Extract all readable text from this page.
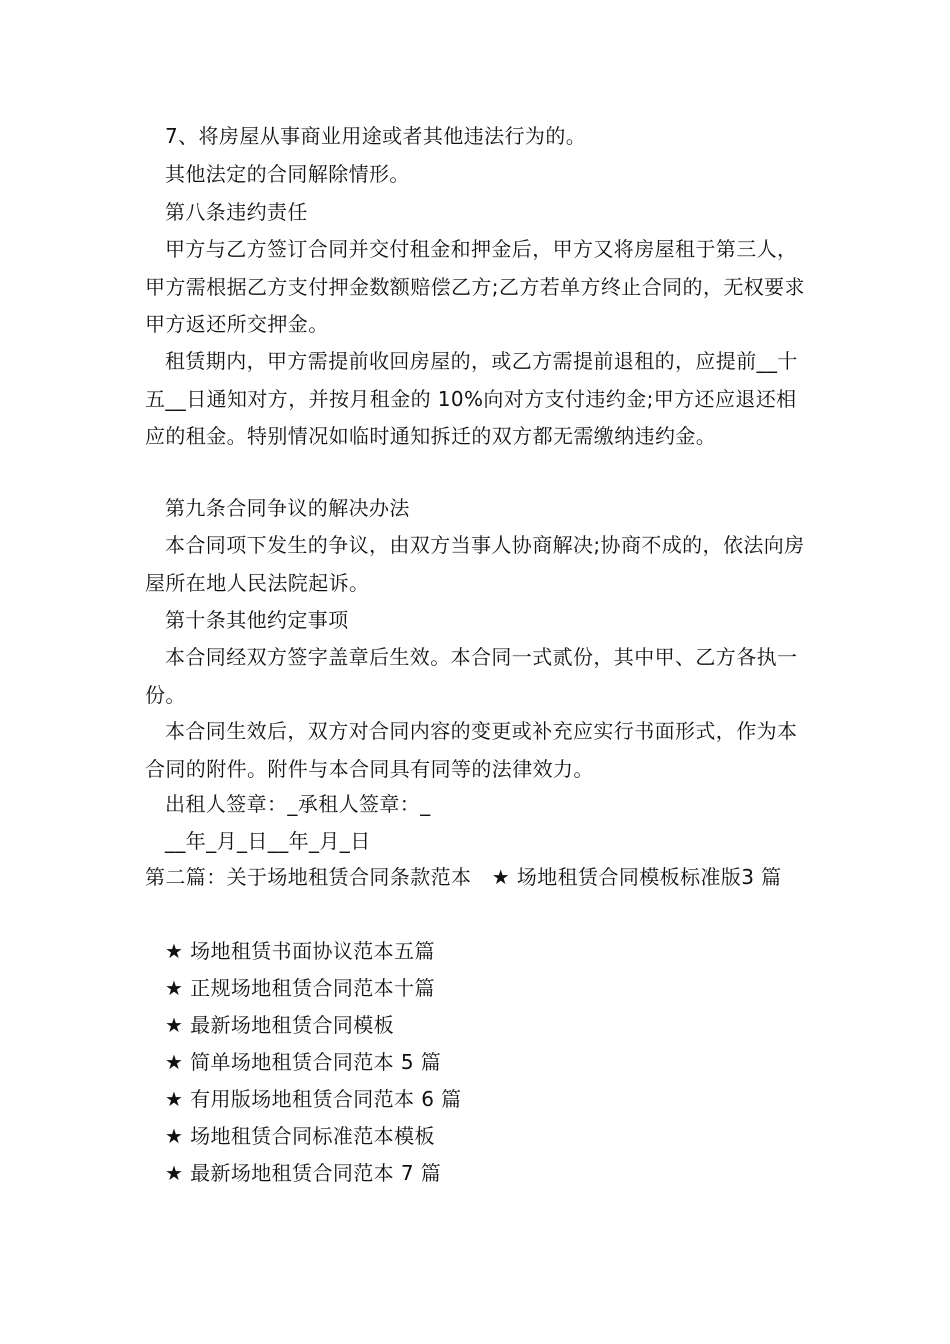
7、将房屋从事商业用途或者其他违法行为的。

其他法定的合同解除情形。

第八条违约责任

甲方与乙方签订合同并交付租金和押金后，甲方又将房屋租于第三人，甲方需根据乙方支付押金数额赔偿乙方;乙方若单方终止合同的，无权要求甲方返还所交押金。

租赁期内，甲方需提前收回房屋的，或乙方需提前退租的，应提前__十五__日通知对方，并按月租金的 10%向对方支付违约金;甲方还应退还相应的租金。特别情况如临时通知拆迁的双方都无需缴纳违约金。

第九条合同争议的解决办法

本合同项下发生的争议，由双方当事人协商解决;协商不成的，依法向房屋所在地人民法院起诉。

第十条其他约定事项

本合同经双方签字盖章后生效。本合同一式贰份，其中甲、乙方各执一份。

本合同生效后，双方对合同内容的变更或补充应实行书面形式，作为本合同的附件。附件与本合同具有同等的法律效力。

出租人签章：_承租人签章：_

__年_月_日__年_月_日

第二篇：关于场地租赁合同条款范本　★ 场地租赁合同模板标准版3 篇

★ 场地租赁书面协议范本五篇

★ 正规场地租赁合同范本十篇

★ 最新场地租赁合同模板

★ 简单场地租赁合同范本 5 篇

★ 有用版场地租赁合同范本 6 篇

★ 场地租赁合同标准范本模板

★ 最新场地租赁合同范本 7 篇
